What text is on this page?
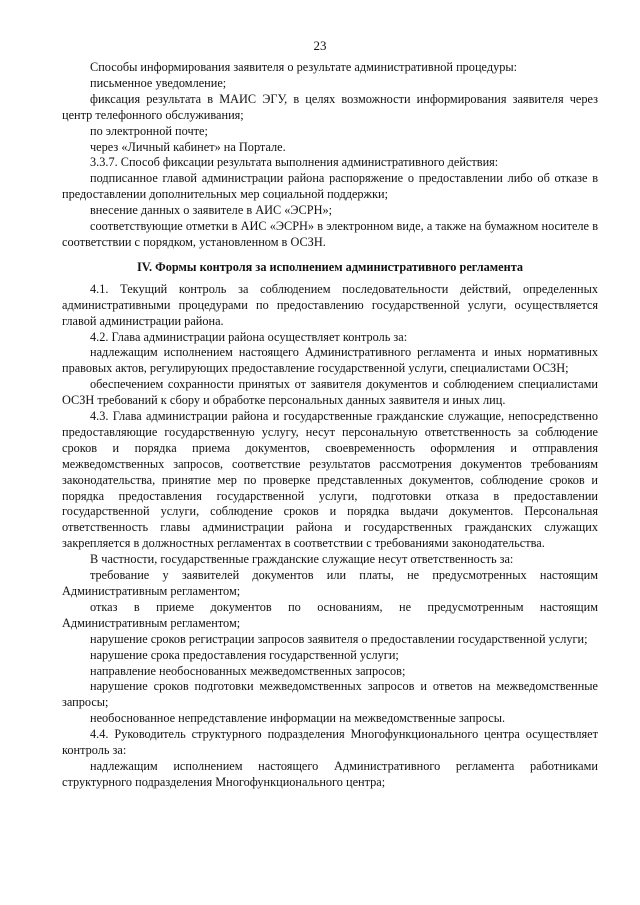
23

Способы информирования заявителя о результате административной процедуры:

письменное уведомление;

фиксация результата в МАИС ЭГУ, в целях возможности информирования заявителя через центр телефонного обслуживания;

по электронной почте;

через «Личный кабинет» на Портале.

3.3.7. Способ фиксации результата выполнения административного действия:

подписанное главой администрации района распоряжение о предоставлении либо об отказе в предоставлении дополнительных мер социальной поддержки;

внесение данных о заявителе в АИС «ЭСРН»;

соответствующие отметки в АИС «ЭСРН» в электронном виде, а также на бумажном носителе в соответствии с порядком, установленном в ОСЗН.

IV. Формы контроля за исполнением административного регламента

4.1. Текущий контроль за соблюдением последовательности действий, определенных административными процедурами по предоставлению государственной услуги, осуществляется главой администрации района.

4.2. Глава администрации района осуществляет контроль за:

надлежащим исполнением настоящего Административного регламента и иных нормативных правовых актов, регулирующих предоставление государственной услуги, специалистами ОСЗН;

обеспечением сохранности принятых от заявителя документов и соблюдением специалистами ОСЗН требований к сбору и обработке персональных данных заявителя и иных лиц.

4.3. Глава администрации района и государственные гражданские служащие, непосредственно предоставляющие государственную услугу, несут персональную ответственность за соблюдение сроков и порядка приема документов, своевременность оформления и отправления межведомственных запросов, соответствие результатов рассмотрения документов требованиям законодательства, принятие мер по проверке представленных документов, соблюдение сроков и порядка предоставления государственной услуги, подготовки отказа в предоставлении государственной услуги, соблюдение сроков и порядка выдачи документов. Персональная ответственность главы администрации района и государственных гражданских служащих закрепляется в должностных регламентах в соответствии с требованиями законодательства.

В частности, государственные гражданские служащие несут ответственность за:

требование у заявителей документов или платы, не предусмотренных настоящим Административным регламентом;

отказ в приеме документов по основаниям, не предусмотренным настоящим Административным регламентом;

нарушение сроков регистрации запросов заявителя о предоставлении государственной услуги;

нарушение срока предоставления государственной услуги;

направление необоснованных межведомственных запросов;

нарушение сроков подготовки межведомственных запросов и ответов на межведомственные запросы;

необоснованное непредставление информации на межведомственные запросы.

4.4. Руководитель структурного подразделения Многофункционального центра осуществляет контроль за:

надлежащим исполнением настоящего Административного регламента работниками структурного подразделения Многофункционального центра;
